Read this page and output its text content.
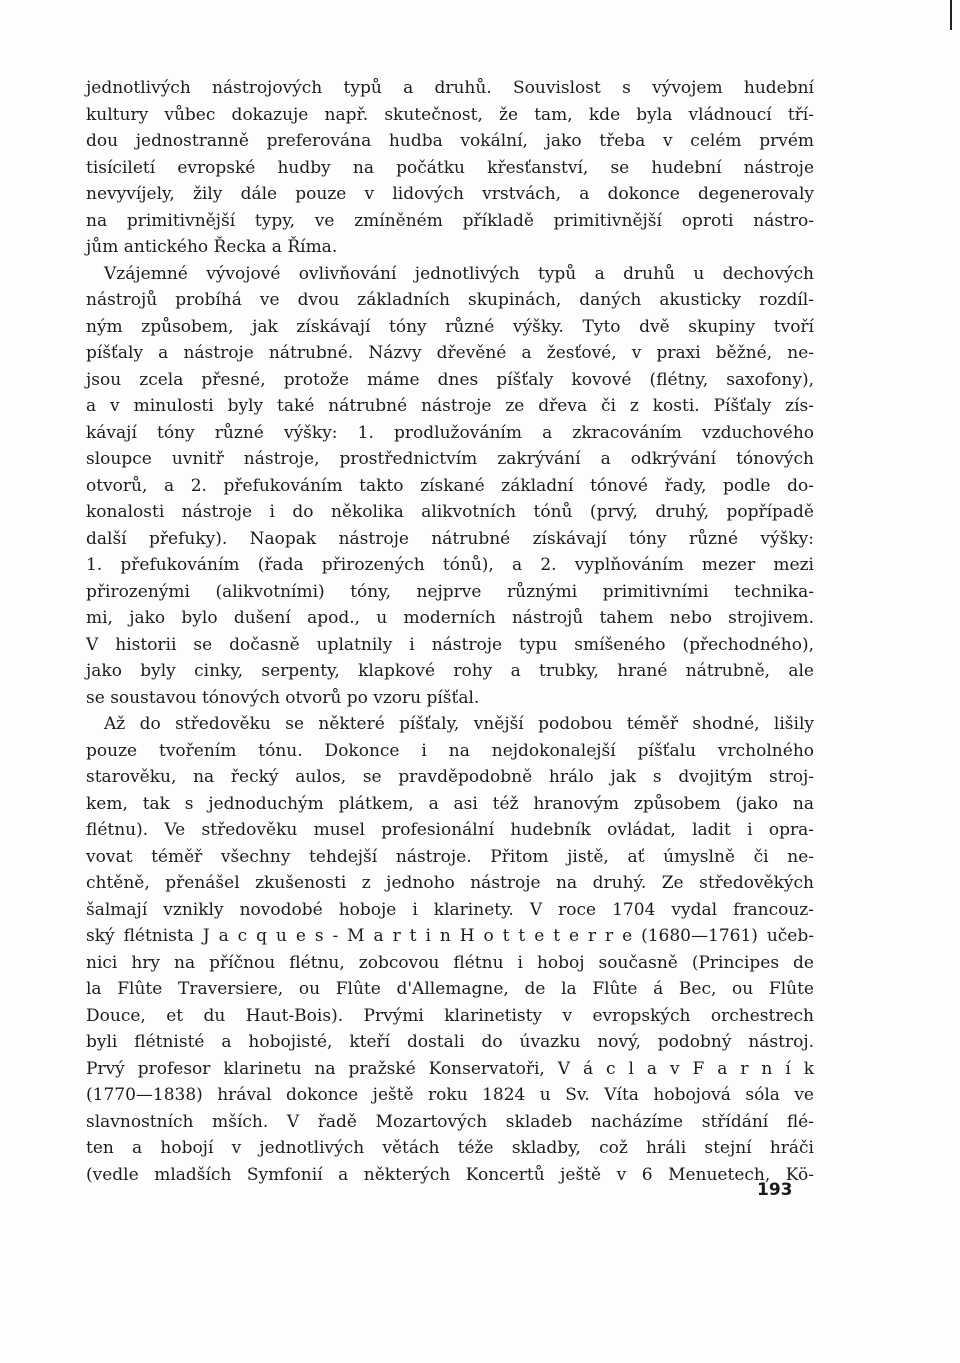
jednotlivých nástrojových typů a druhů. Souvislost s vývojem hudební
kultury vůbec dokazuje např. skutečnost, že tam, kde byla vládnoucí tří-
dou jednostranně preferována hudba vokální, jako třeba v celém prvém
tisíciletí evropské hudby na počátku křesťanství, se hudební nástroje
nevyvíjely, žily dále pouze v lidových vrstvách, a dokonce degenerovaly
na primitivnější typy, ve zmíněném příkladě primitivnější oproti nástro-
jům antického Řecka a Říma.

Vzájemné vývojové ovlivňování jednotlivých typů a druhů u dechových
nástrojů probíhá ve dvou základních skupinách, daných akusticky rozdíl-
ným způsobem, jak získávají tóny různé výšky. Tyto dvě skupiny tvoří
píšťaly a nástroje nátrubné. Názvy dřevěné a žesťové, v praxi běžné, ne-
jsou zcela přesné, protože máme dnes píšťaly kovové (flétny, saxofony),
a v minulosti byly také nátrubné nástroje ze dřeva či z kosti. Píšťaly zís-
kávají tóny různé výšky: 1. prodlužováním a zkracováním vzduchového
sloupce uvnitř nástroje, prostřednictvím zakrývání a odkrývání tónových
otvorů, a 2. přefukováním takto získané základní tónové řady, podle do-
konalosti nástroje i do několika alikvotních tónů (prvý, druhý, popřípadě
další přefuky). Naopak nástroje nátrubné získávají tóny různé výšky:
1. přefukováním (řada přirozených tónů), a 2. vyplňováním mezer mezi
přirozenými (alikvotními) tóny, nejprve různými primitivními technika-
mi, jako bylo dušení apod., u moderních nástrojů tahem nebo strojivem.
V historii se dočasně uplatnily i nástroje typu smíšeného (přechodného),
jako byly cinky, serpenty, klapkové rohy a trubky, hrané nátrubně, ale
se soustavou tónových otvorů po vzoru píšťal.

Až do středověku se některé píšťaly, vnější podobou téměř shodné, lišily
pouze tvořením tónu. Dokonce i na nejdokonalejší píšťalu vrcholného
starověku, na řecký aulos, se pravděpodobně hrálo jak s dvojitým stroj-
kem, tak s jednoduchým plátkem, a asi též hranovým způsobem (jako na
flétnu). Ve středověku musel profesionální hudebník ovládat, ladit i opra-
vovat téměř všechny tehdejší nástroje. Přitom jistě, ať úmyslně či ne-
chtěně, přenášel zkušenosti z jednoho nástroje na druhý. Ze středověkých
šalmají vznikly novodobé hoboje i klarinety. V roce 1704 vydal francouz-
ský flétnista J a c q u e s - M a r t i n H o t t e t e r r e (1680—1761) učeb-
nici hry na příčnou flétnu, zobcovou flétnu i hoboj současně (Principes de
la Flûte Traversiere, ou Flûte d'Allemagne, de la Flûte á Bec, ou Flûte
Douce, et du Haut-Bois). Prvými klarinetisty v evropských orchestrech
byli flétnisté a hobojisté, kteří dostali do úvazku nový, podobný nástroj.
Prvý profesor klarinetu na pražské Konservatoři, V á c l a v F a r n í k
(1770—1838) hrával dokonce ještě roku 1824 u Sv. Víta hobojová sóla ve
slavnostních mších. V řadě Mozartových skladeb nacházíme střídání flé-
ten a hobojí v jednotlivých větách téže skladby, což hráli stejní hráči
(vedle mladších Symfonií a některých Koncertů ještě v 6 Menuetech, Kö-

193
